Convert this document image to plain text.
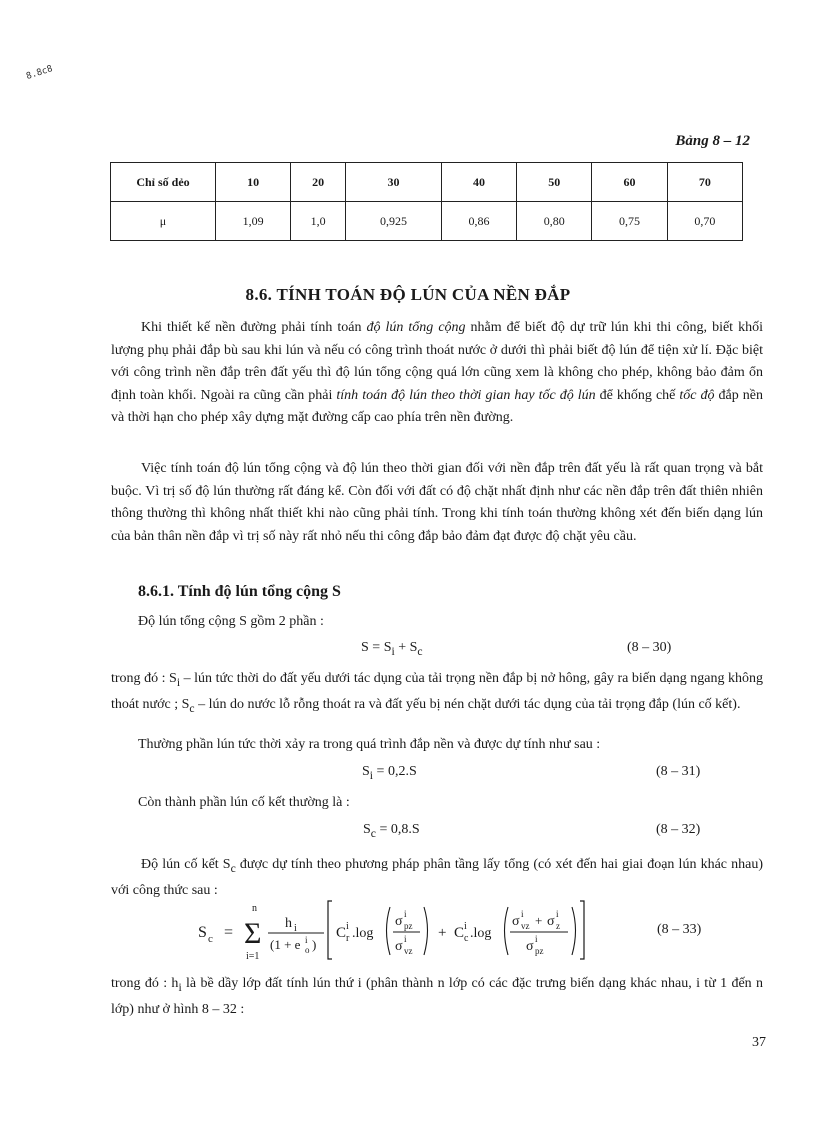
8.8c8
Bảng 8 – 12
Chỉ số dẻo	10	20	30	40	50	60	70
μ	1,09	1,0	0,925	0,86	0,80	0,75	0,70
8.6. TÍNH TOÁN ĐỘ LÚN CỦA NỀN ĐẮP

Khi thiết kế nền đường phải tính toán độ lún tổng cộng nhằm để biết độ dự trữ lún khi thi công, biết khối lượng phụ phải đắp bù sau khi lún và nếu có công trình thoát nước ở dưới thì phải biết độ lún để tiện xử lí. Đặc biệt với công trình nền đắp trên đất yếu thì độ lún tổng cộng quá lớn cũng xem là không cho phép, không bảo đảm ổn định toàn khối. Ngoài ra cũng cần phải tính toán độ lún theo thời gian hay tốc độ lún để khống chế tốc độ đắp nền và thời hạn cho phép xây dựng mặt đường cấp cao phía trên nền đường.

Việc tính toán độ lún tổng cộng và độ lún theo thời gian đối với nền đắp trên đất yếu là rất quan trọng và bắt buộc. Vì trị số độ lún thường rất đáng kể. Còn đối với đất có độ chặt nhất định như các nền đắp trên đất thiên nhiên thông thường thì không nhất thiết khi nào cũng phải tính. Trong khi tính toán thường không xét đến biến dạng lún của bản thân nền đắp vì trị số này rất nhỏ nếu thi công đắp bảo đảm đạt được độ chặt yêu cầu.

8.6.1. Tính độ lún tổng cộng S
Độ lún tổng cộng S gồm 2 phần :
$S = S_i + S_c$	(8 – 30)

trong đó : $S_i$ – lún tức thời do đất yếu dưới tác dụng của tải trọng nền đắp bị nở hông, gây ra biến dạng ngang không thoát nước ; $S_c$ – lún do nước lỗ rỗng thoát ra và đất yếu bị nén chặt dưới tác dụng của tải trọng đắp (lún cố kết).

Thường phần lún tức thời xảy ra trong quá trình đắp nền và được dự tính như sau :
$S_i = 0,2.S$	(8 – 31)
Còn thành phần lún cố kết thường là :
$S_c = 0,8.S$	(8 – 32)

Độ lún cố kết $S_c$ được dự tính theo phương pháp phân tầng lấy tổng (có xét đến hai giai đoạn lún khác nhau) với công thức sau :

S c = Σ
n
i=1
h i
(1 + e o
i )
C r
i .log
σ pz
i
σ vz
i + C c
i .log
σ vz
i + σ z
i
σ pz
i
(8 – 33)

trong đó : $h_i$ là bề dầy lớp đất tính lún thứ i (phân thành n lớp có các đặc trưng biến dạng khác nhau, i từ 1 đến n lớp) như ở hình 8 – 32 :

37
